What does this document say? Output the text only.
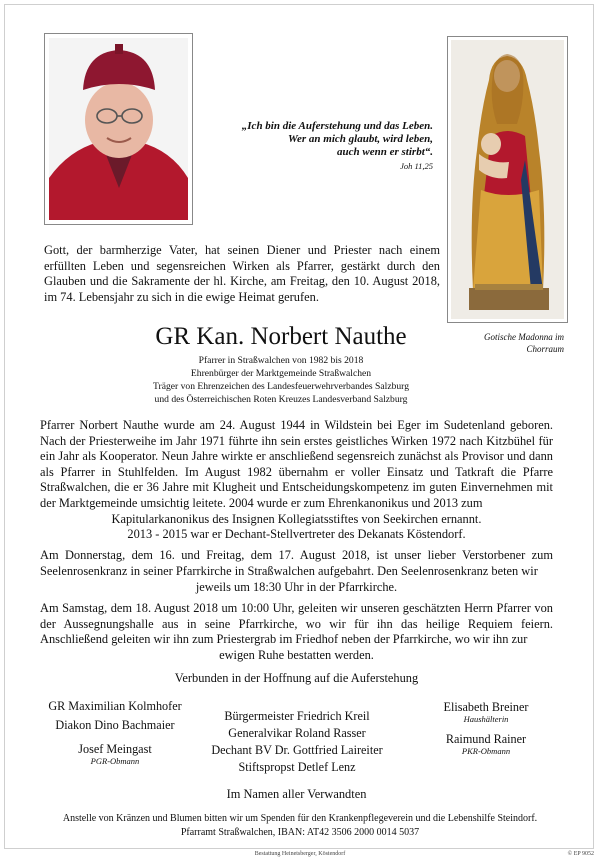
„Ich bin die Auferstehung und das Leben.
Wer an mich glaubt, wird leben,
auch wenn er stirbt“.
Joh 11,25
Gotische Madonna im
Chorraum
Gott, der barmherzige Vater, hat seinen Diener und Priester nach einem erfüllten Leben und segensreichen Wirken als Pfarrer, gestärkt durch den Glauben und die Sakramente der hl. Kirche, am Freitag, den 10. August 2018, im 74. Lebensjahr zu sich in die ewige Heimat gerufen.
GR Kan. Norbert Nauthe
Pfarrer in Straßwalchen von 1982 bis 2018
Ehrenbürger der Marktgemeinde Straßwalchen
Träger von Ehrenzeichen des Landesfeuerwehrverbandes Salzburg
und des Österreichischen Roten Kreuzes Landesverband Salzburg
Pfarrer Norbert Nauthe wurde am 24. August 1944 in Wildstein bei Eger im Sudetenland geboren. Nach der Priesterweihe im Jahr 1971 führte ihn sein erstes geistliches Wirken 1972 nach Kitzbühel für ein Jahr als Kooperator. Neun Jahre wirkte er anschließend segensreich zunächst als Provisor und dann als Pfarrer in Stuhlfelden. Im August 1982 übernahm er voller Einsatz und Tatkraft die Pfarre Straßwalchen, die er 36 Jahre mit Klugheit und Entscheidungskompetenz im guten Einvernehmen mit der Marktgemeinde umsichtig leitete. 2004 wurde er zum Ehrenkanonikus und 2013 zum
Kapitularkanonikus des Insignen Kollegiatsstiftes von Seekirchen ernannt.
2013 - 2015 war er Dechant-Stellvertreter des Dekanats Köstendorf.
Am Donnerstag, dem 16. und Freitag, dem 17. August 2018, ist unser lieber Verstorbener zum Seelenrosenkranz in seiner Pfarrkirche in Straßwalchen aufgebahrt. Den Seelenrosenkranz beten wir
jeweils um 18:30 Uhr in der Pfarrkirche.
Am Samstag, dem 18. August 2018 um 10:00 Uhr, geleiten wir unseren geschätzten Herrn Pfarrer von der Aussegnungshalle aus in seine Pfarrkirche, wo wir für ihn das heilige Requiem feiern. Anschließend geleiten wir ihn zum Priestergrab im Friedhof neben der Pfarrkirche, wo wir ihn zur
ewigen Ruhe bestatten werden.
Verbunden in der Hoffnung auf die Auferstehung
GR Maximilian Kolmhofer
Diakon Dino Bachmaier
Josef Meingast
PGR-Obmann
Bürgermeister Friedrich Kreil
Generalvikar Roland Rasser
Dechant BV Dr. Gottfried Laireiter
Stiftspropst Detlef Lenz
Elisabeth Breiner
Haushälterin
Raimund Rainer
PKR-Obmann
Im Namen aller Verwandten
Anstelle von Kränzen und Blumen bitten wir um Spenden für den Krankenpflegeverein und die Lebenshilfe Steindorf.
Pfarramt Straßwalchen, IBAN: AT42 3506 2000 0014 5037
Bestattung Heinetsberger, Köstendorf	© EP 9052
